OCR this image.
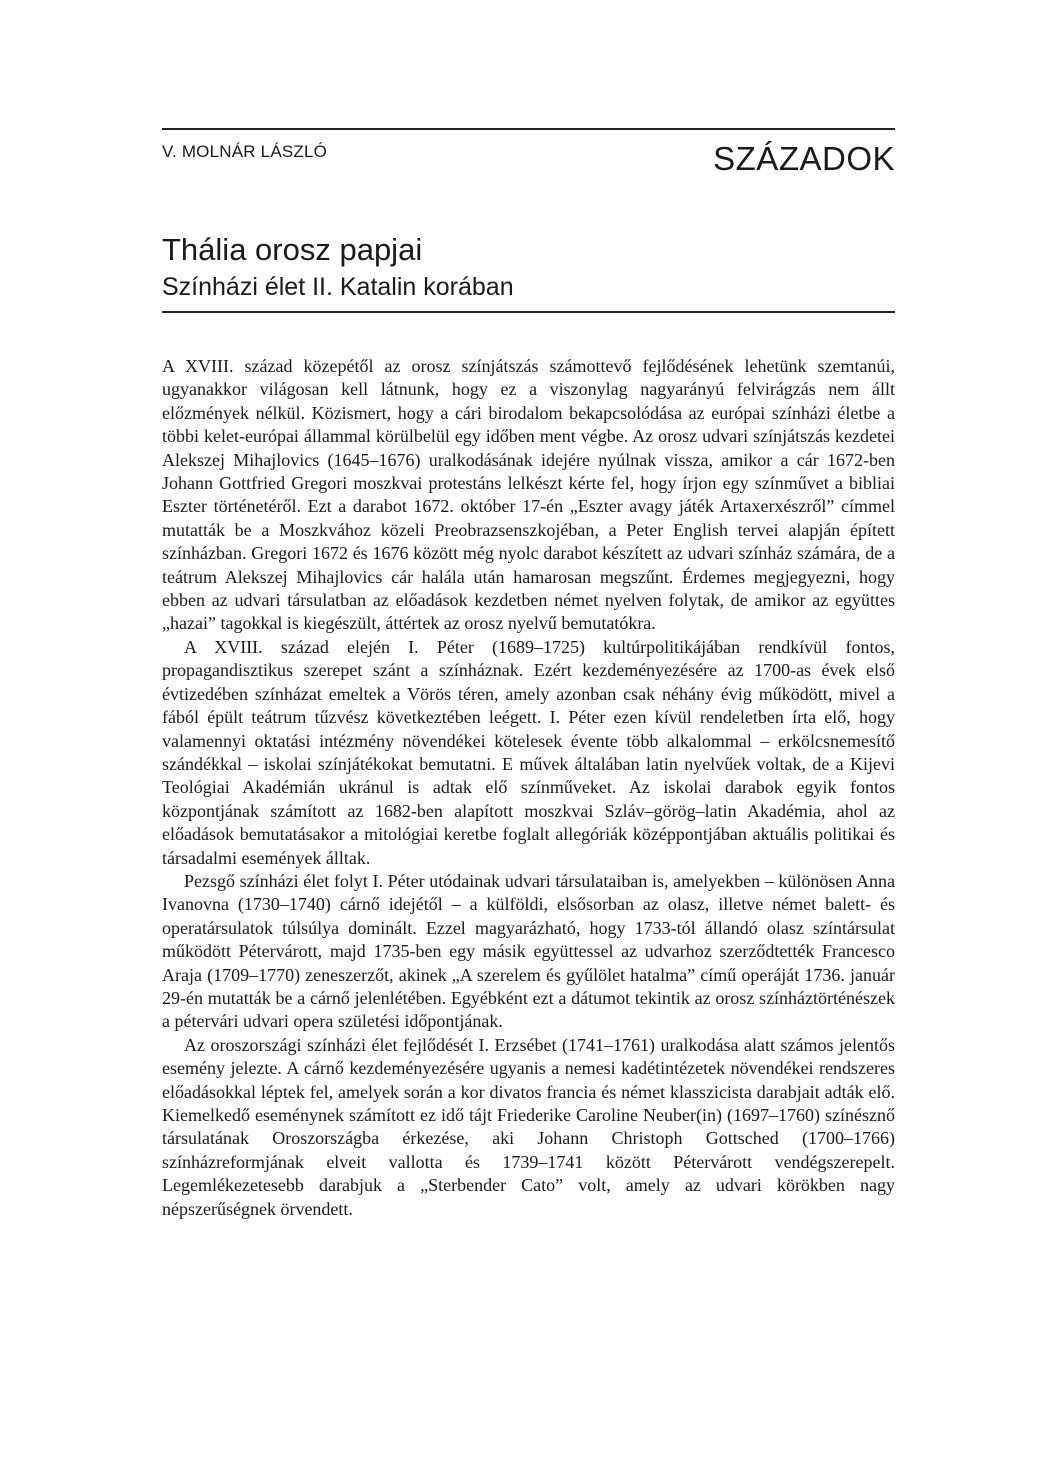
V. MOLNÁR LÁSZLÓ	SZÁZADOK
Thália orosz papjai
Színházi élet II. Katalin korában

A XVIII. század közepétől az orosz színjátszás számottevő fejlődésének lehetünk szemtanúi, ugyanakkor világosan kell látnunk, hogy ez a viszonylag nagyarányú felvirágzás nem állt előzmények nélkül. Közismert, hogy a cári birodalom bekapcsolódása az európai színházi életbe a többi kelet-európai állammal körülbelül egy időben ment végbe. Az orosz udvari színjátszás kezdetei Alekszej Mihajlovics (1645–1676) uralkodásának idejére nyúlnak vissza, amikor a cár 1672-ben Johann Gottfried Gregori moszkvai protestáns lelkészt kérte fel, hogy írjon egy színművet a bibliai Eszter történetéről. Ezt a darabot 1672. október 17-én „Eszter avagy játék Artaxerxészről” címmel mutatták be a Moszkvához közeli Preobrazsenszkojéban, a Peter English tervei alapján épített színházban. Gregori 1672 és 1676 között még nyolc darabot készített az udvari színház számára, de a teátrum Alekszej Mihajlovics cár halála után hamarosan megszűnt. Érdemes megjegyezni, hogy ebben az udvari társulatban az előadások kezdetben német nyelven folytak, de amikor az együttes „hazai” tagokkal is kiegészült, áttértek az orosz nyelvű bemutatókra.

A XVIII. század elején I. Péter (1689–1725) kultúrpolitikájában rendkívül fontos, propagandisztikus szerepet szánt a színháznak. Ezért kezdeményezésére az 1700-as évek első évtizedében színházat emeltek a Vörös téren, amely azonban csak néhány évig működött, mivel a fából épült teátrum tűzvész következtében leégett. I. Péter ezen kívül rendeletben írta elő, hogy valamennyi oktatási intézmény növendékei kötelesek évente több alkalommal – erkölcsnemesítő szándékkal – iskolai színjátékokat bemutatni. E művek általában latin nyelvűek voltak, de a Kijevi Teológiai Akadémián ukránul is adtak elő színműveket. Az iskolai darabok egyik fontos központjának számított az 1682-ben alapított moszkvai Szláv–görög–latin Akadémia, ahol az előadások bemutatásakor a mitológiai keretbe foglalt allegóriák középpontjában aktuális politikai és társadalmi események álltak.

Pezsgő színházi élet folyt I. Péter utódainak udvari társulataiban is, amelyekben – különösen Anna Ivanovna (1730–1740) cárnő idejétől – a külföldi, elsősorban az olasz, illetve német balett- és operatársulatok túlsúlya dominált. Ezzel magyarázható, hogy 1733-tól állandó olasz színtársulat működött Pétervárott, majd 1735-ben egy másik együttessel az udvarhoz szerződtették Francesco Araja (1709–1770) zeneszerzőt, akinek „A szerelem és gyűlölet hatalma” című operáját 1736. január 29-én mutatták be a cárnő jelenlétében. Egyébként ezt a dátumot tekintik az orosz színháztörténészek a pétervári udvari opera születési időpontjának.

Az oroszországi színházi élet fejlődését I. Erzsébet (1741–1761) uralkodása alatt számos jelentős esemény jelezte. A cárnő kezdeményezésére ugyanis a nemesi kadétintézetek növendékei rendszeres előadásokkal léptek fel, amelyek során a kor divatos francia és német klasszicista darabjait adták elő. Kiemelkedő eseménynek számított ez idő tájt Friederike Caroline Neuber(in) (1697–1760) színésznő társulatának Oroszországba érkezése, aki Johann Christoph Gottsched (1700–1766) színházreformjának elveit vallotta és 1739–1741 között Pétervárott vendégszerepelt. Legemlékezetesebb darabjuk a „Sterbender Cato” volt, amely az udvari körökben nagy népszerűségnek örvendett.
